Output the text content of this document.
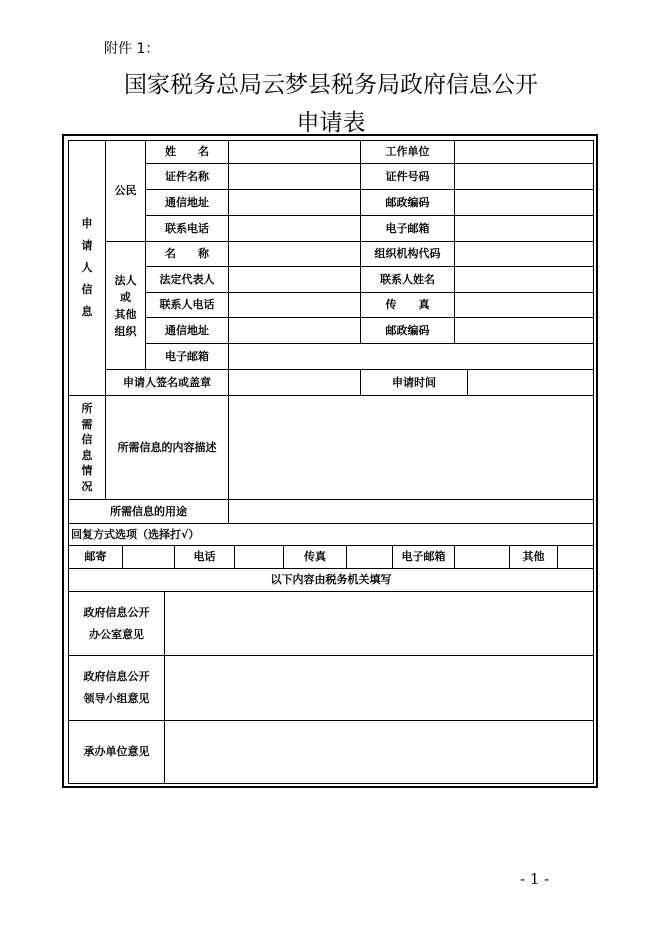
附件 1：
国家税务总局云梦县税务局政府信息公开
申请表
申
请
人
信
息
公民
姓　　名	工作单位
证件名称	证件号码
通信地址	邮政编码
联系电话	电子邮箱
法人
或
其他
组织
名　　称	组织机构代码
法定代表人	联系人姓名
联系人电话	传　　真
通信地址	邮政编码
电子邮箱
申请人签名或盖章	申请时间
所
需
信
息
情
况
所需信息的内容描述
所需信息的用途
回复方式选项（选择打√）
邮寄	电话	传真	电子邮箱	其他
以下内容由税务机关填写
政府信息公开
办公室意见
政府信息公开
领导小组意见
承办单位意见
- 1 -
